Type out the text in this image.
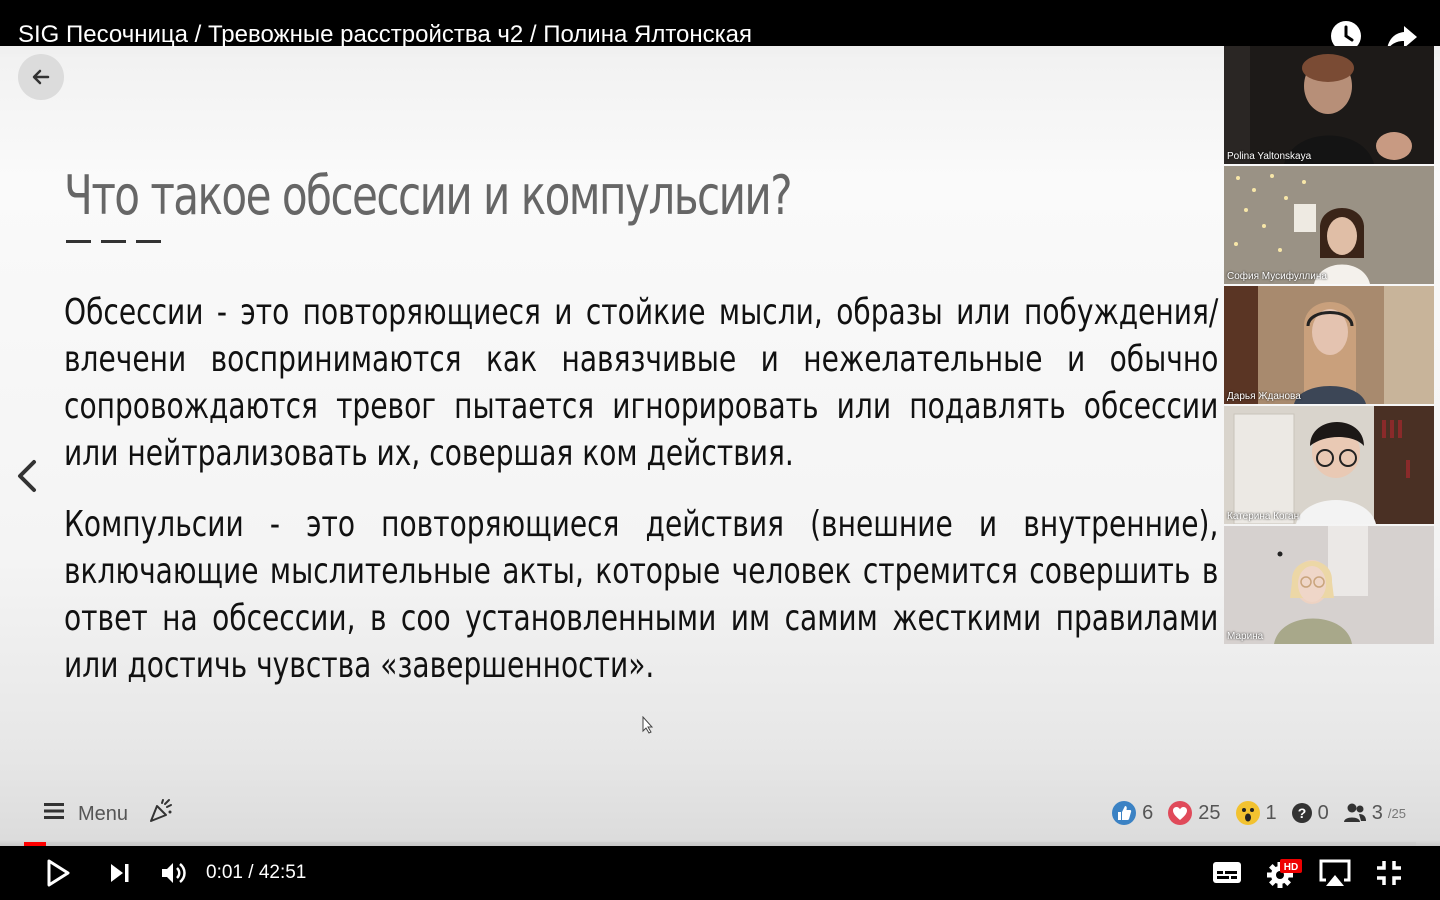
SIG Песочница / Тревожные расстройства ч2 / Полина Ялтонская
Что такое обсессии и компульсии?

Обсессии - это повторяющиеся и стойкие мысли, образы или побуждения/влечени воспринимаются как навязчивые и нежелательные и обычно сопровождаются тревог пытается игнорировать или подавлять обсессии или нейтрализовать их, совершая ком действия.

Компульсии - это повторяющиеся действия (внешние и внутренние), включающие мыслительные акты, которые человек стремится совершить в ответ на обсессии, в соо установленными им самим жесткими правилами или достичь чувства «завершенности».

Polina Yaltonskaya
София Мусифуллина
Дарья Жданова
Катерина Коган
Марина
Menu	6 25 1 ? 0 3 /25
0:01 / 42:51	HD
